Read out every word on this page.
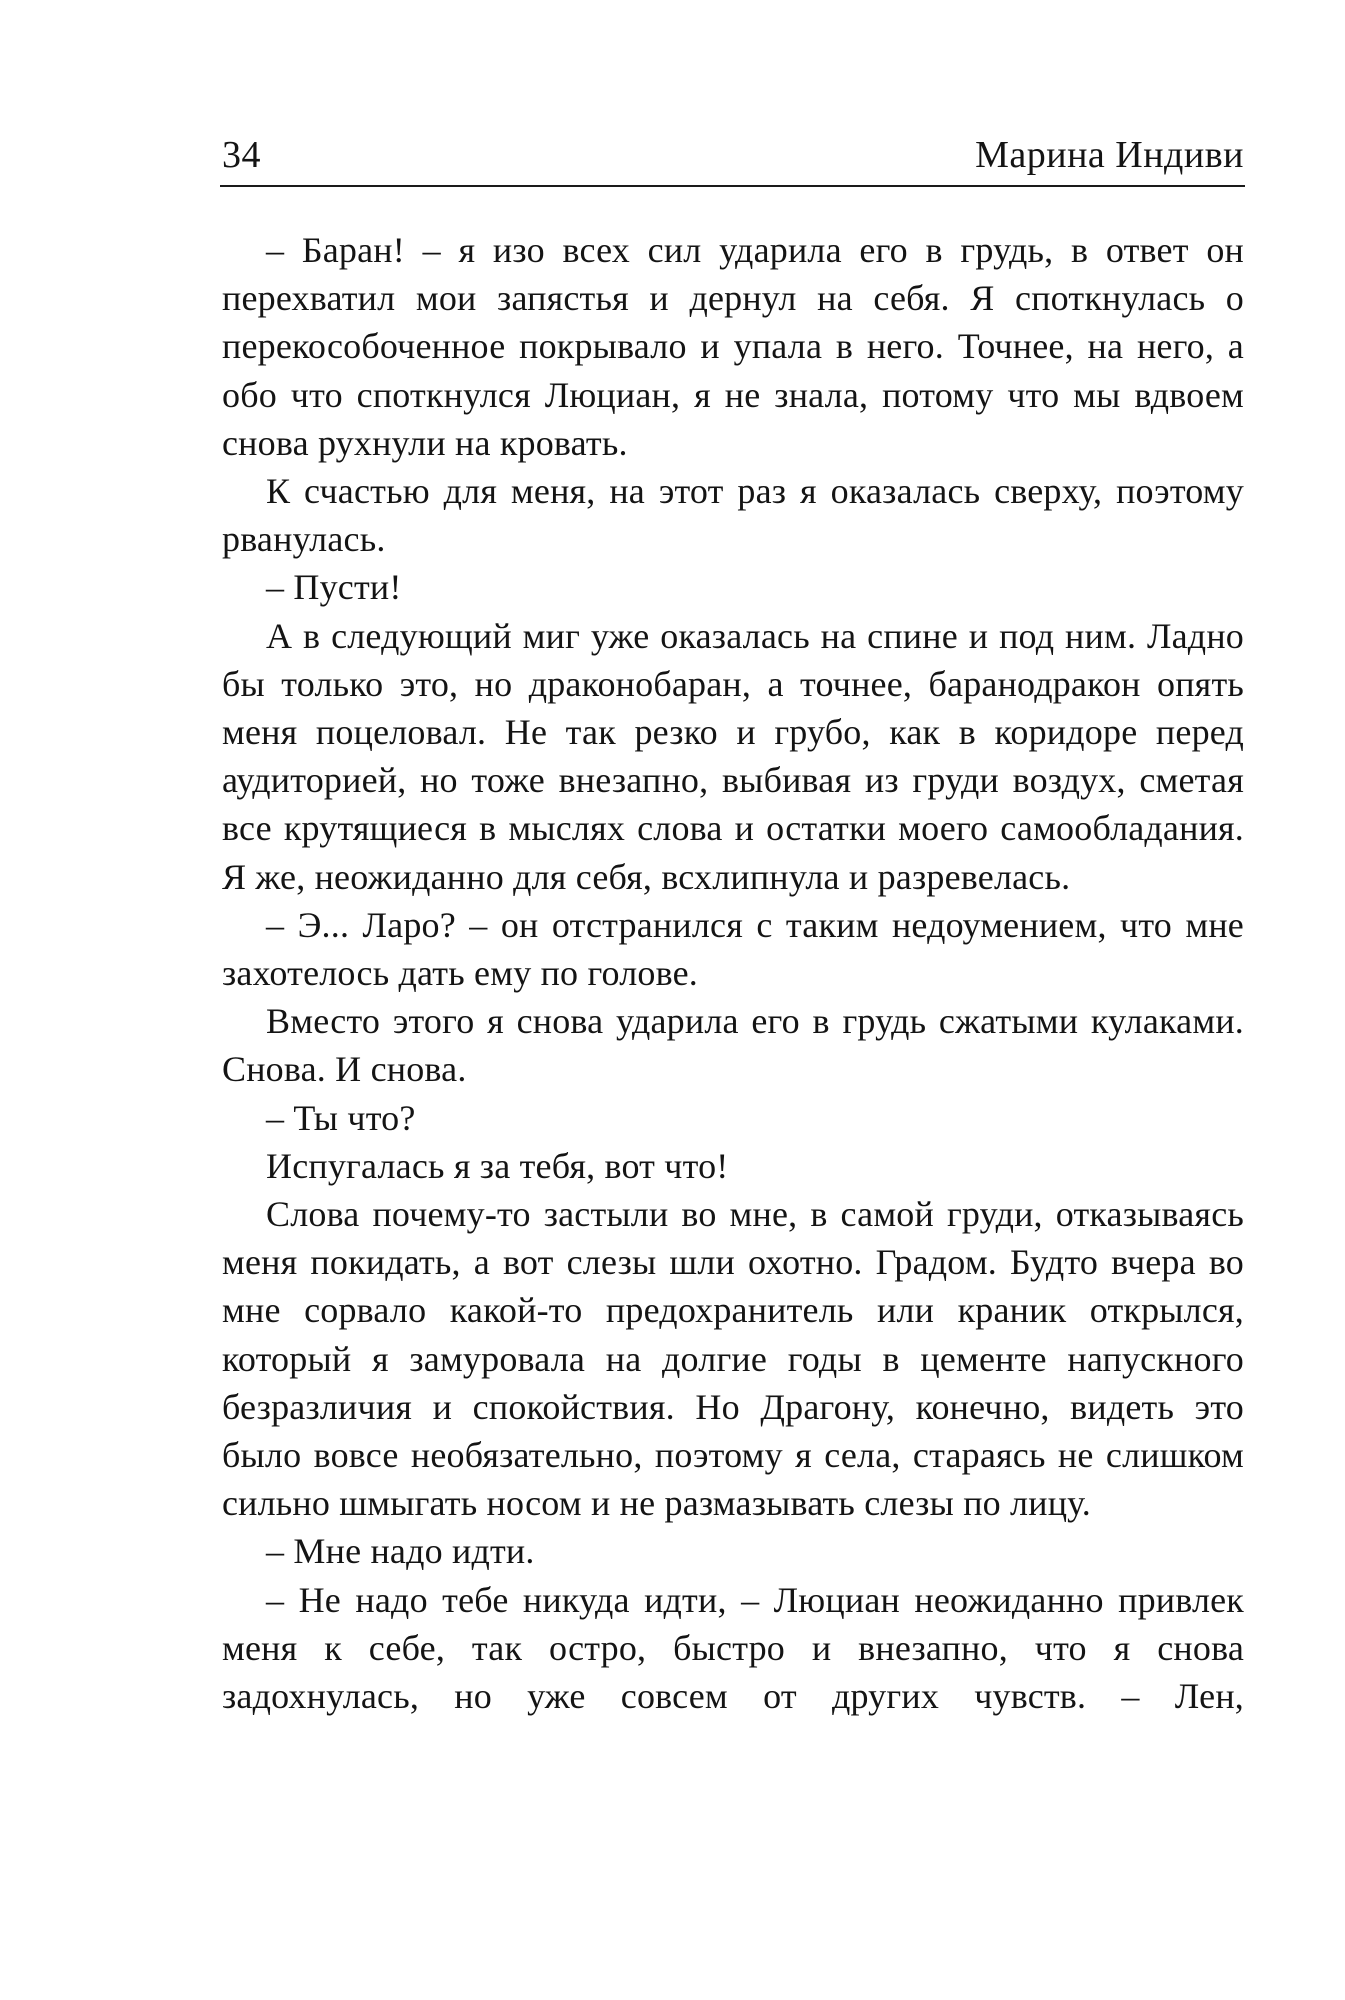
34	Марина Индиви

– Баран! – я изо всех сил ударила его в грудь, в ответ он перехватил мои запястья и дернул на себя. Я споткнулась о перекособоченное покрывало и упала в него. Точнее, на него, а обо что споткнулся Люциан, я не знала, потому что мы вдвоем снова рухнули на кровать.

К счастью для меня, на этот раз я оказалась сверху, поэтому рванулась.

– Пусти!

А в следующий миг уже оказалась на спине и под ним. Ладно бы только это, но драконобаран, а точнее, баранодракон опять меня поцеловал. Не так резко и грубо, как в коридоре перед аудиторией, но тоже внезапно, выбивая из груди воздух, сметая все крутящиеся в мыслях слова и остатки моего самообладания. Я же, неожиданно для себя, всхлипнула и разревелась.

– Э... Ларо? – он отстранился с таким недоумением, что мне захотелось дать ему по голове.

Вместо этого я снова ударила его в грудь сжатыми кулаками. Снова. И снова.

– Ты что?

Испугалась я за тебя, вот что!

Слова почему-то застыли во мне, в самой груди, отказываясь меня покидать, а вот слезы шли охотно. Градом. Будто вчера во мне сорвало какой-то предохранитель или краник открылся, который я замуровала на долгие годы в цементе напускного безразличия и спокойствия. Но Драгону, конечно, видеть это было вовсе необязательно, поэтому я села, стараясь не слишком сильно шмыгать носом и не размазывать слезы по лицу.

– Мне надо идти.

– Не надо тебе никуда идти, – Люциан неожиданно привлек меня к себе, так остро, быстро и внезапно, что я снова задохнулась, но уже совсем от других чувств. – Лен,
